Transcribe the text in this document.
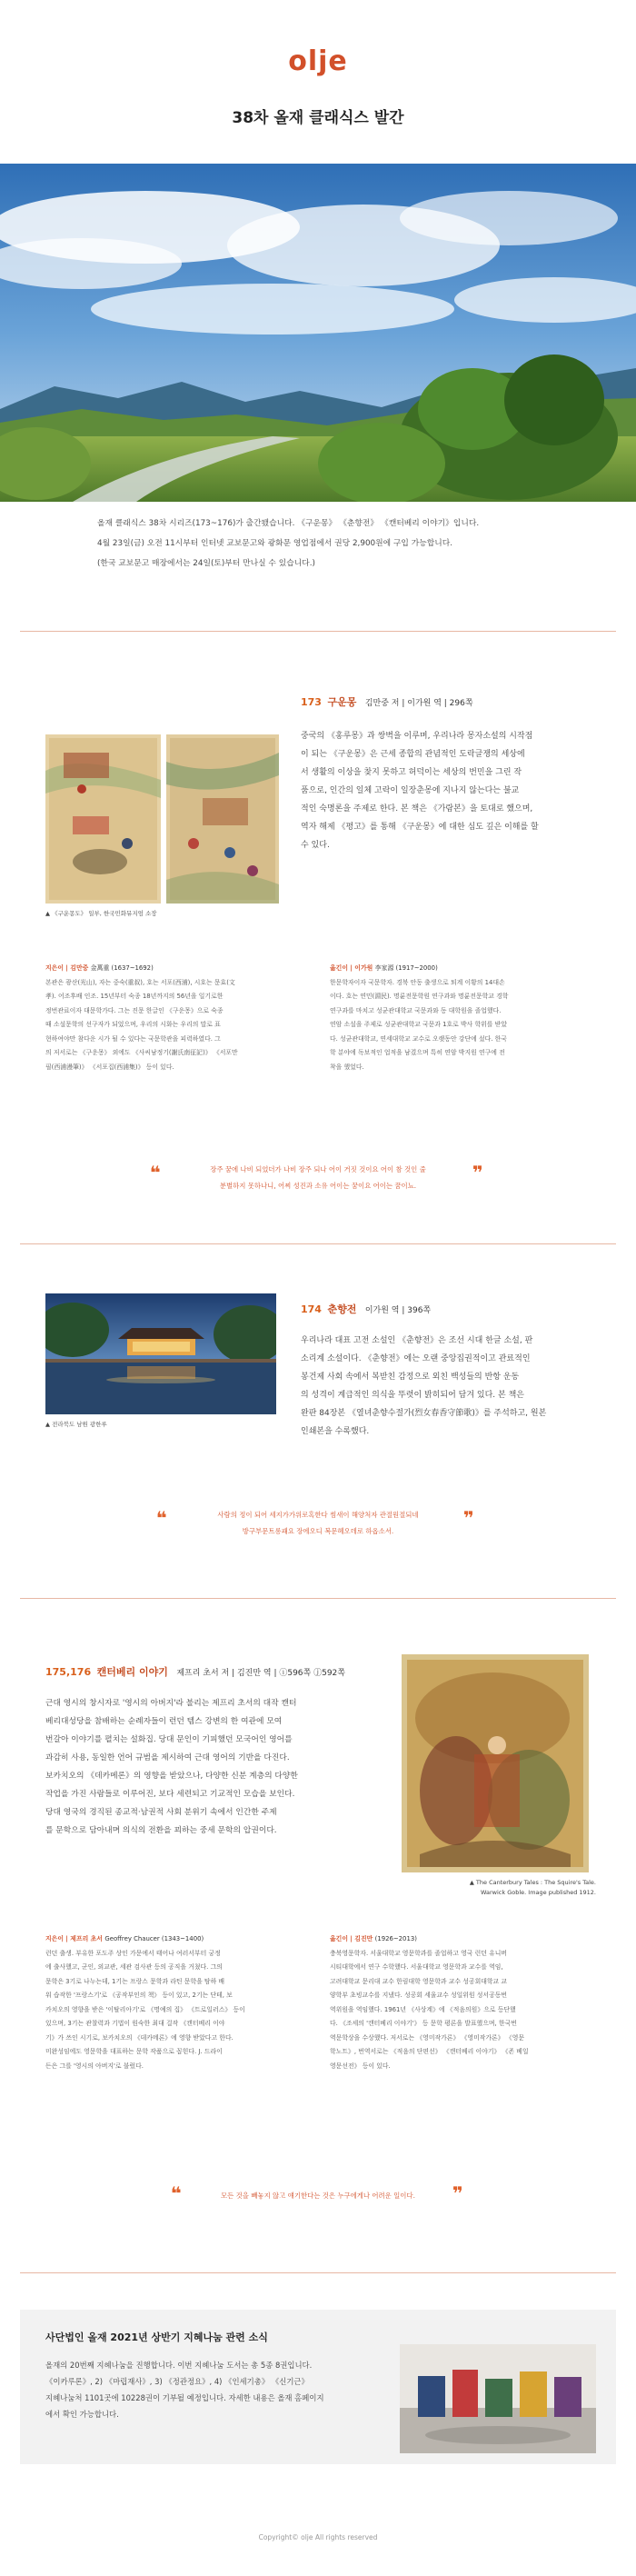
olje
38차 올재 클래식스 발간

올재 클래식스 38차 시리즈(173~176)가 출간됐습니다. 《구운몽》 《춘향전》 《캔터베리 이야기》입니다.

4월 23일(금) 오전 11시부터 인터넷 교보문고와 광화문 영업점에서 권당 2,900원에 구입 가능합니다.

(한국 교보문고 매장에서는 24일(토)부터 만나실 수 있습니다.)

▲ 《구운몽도》 일부, 한국민화뮤지엄 소장
173 구운몽 김만중 저 | 이가원 역 | 296쪽
중국의 《홍루몽》과 쌍벽을 이루며, 우리나라 몽자소설의 시작점
이 되는 《구운몽》은 근세 종합의 관념적인 도락글쟁의 세상에
서 생활의 이상을 찾지 못하고 허덕이는 세상의 번민을 그린 작
품으로, 인간의 일체 고락이 일장춘몽에 지나지 않는다는 불교
적인 숙명론을 주제로 한다. 본 책은 《가람본》을 토대로 했으며,
역자 해제 《평고》를 통해 《구운몽》에 대한 심도 깊은 이해를 할
수 있다.
지은이 | 김만중 金萬重 (1637~1692)
본관은 광산(光山), 자는 중숙(重叔), 호는 서포(西浦), 시호는 문효(文
孝). 어조후배 인조. 15년부터 숙종 18년까지의 56년을 일기로한
정번관료이자 대문학가다. 그는 진문 한글인 《구운몽》으로 숙종
때 소설문학의 선구자가 되었으며, 우리의 시화는 우리의 말로 표
현하여야만 참다운 시가 될 수 있다는 국문학관을 피력하였다. 그
의 저서로는 《구운몽》 외에도 《사씨남정기(謝氏南征記)》 《서포만
필(西浦漫筆)》 《서포집(西浦集)》 등이 있다.
옮긴이 | 이가원 李家源 (1917~2000)
한문학자이자 국문학자. 경북 안동 출생으로 퇴계 이황의 14대손
이다. 호는 연민(淵民). 명륜전문학원 연구과와 명륜전문학교 경학
연구과를 마치고 성균관대학교 국문과와 동 대학원을 졸업했다.
연암 소설을 주제로 성균관대학교 국문과 1호로 박사 학위를 받았
다. 성균관대학교, 연세대학교 교수로 오랫동안 강단에 섰다. 한국
학 분야에 독보적인 업적을 남겼으며 특히 연암 박지원 연구에 전
착을 했었다.
❝	장주 꿈에 나비 되었더가 나비 장주 되나 어이 거짓 것이요 어이 참 것인 줄
분별하지 못하나니, 어찌 성진과 소유 어이는 꿈이요 어이는 꿈이뇨.
❞
▲ 전라북도 남원 광한루
174 춘향전 이가원 역 | 396쪽
우리나라 대표 고전 소설인 《춘향전》은 조선 시대 한글 소설, 판
소리계 소설이다. 《춘향전》에는 오랜 중앙집권적이고 관료적인
봉건제 사회 속에서 복받친 감정으로 외친 백성들의 반항 운동
의 성격이 계급적인 의식을 뚜렷이 밝히되어 담겨 있다. 본 책은
완판 84장본 《열녀춘향수절가(烈女春香守節歌)》를 주석하고, 원본
인쇄본을 수록했다.
❝	사람의 정이 되어 세지가가위로혹한다 썸새이 해양처자 관절원절되네
방구부문트롱괘요 장에오디 복문혜오데로 하옵소서.
❞
175,176 캔터베리 이야기 제프리 초서 저 | 김진만 역 | ⓘ596쪽 ⓙ592쪽
근대 영시의 창시자로 '영시의 아버지'라 불리는 제프리 초서의 대작 캔터
베리대성당을 참배하는 순례자들이 런던 템스 강변의 한 여관에 모여
번갈아 이야기를 펼치는 설화집. 당대 문인이 기피했던 모국어인 영어를
과감히 사용, 동일한 언어 규범을 제시하여 근대 영어의 기반을 다진다.
보카치오의 《데카메론》의 영향을 받았으나, 다양한 신분 계층의 다양한
작업을 가진 사람들로 이루어진, 보다 세련되고 기교적인 모습을 보인다.
당대 영국의 경직된 종교적·남권적 사회 분위기 속에서 인간한 주제
를 문학으로 담아내며 의식의 전환을 꾀하는 중세 문학의 압권이다.
▲ The Canterbury Tales : The Squire's Tale.
Warwick Goble. Image published 1912.
지은이 | 제프리 초서 Geoffrey Chaucer (1343~1400)
런던 출생. 부유한 포도주 상인 가문에서 태어나 여러서부터 궁정
에 출사했고, 군인, 외교관, 세관 검사관 등의 공직을 거쳤다. 그의
문학은 3기로 나누는데, 1기는 프랑스 문학과 라틴 문학을 탐하 배
워 습작한 '프랑스기'로 《공작부인의 책》 등이 있고, 2기는 단테, 보
카치오의 영향을 받은 '이탈리아기'로 《명예의 집》 《트로일러스》 등이
있으며, 3기는 관찰력과 기법이 원숙한 최대 걸작 《캔터베리 이야
기》가 쓰인 시기로, 보카치오의 《데카메론》에 영향 받았다고 한다.
미완성임에도 영문학을 대표하는 문학 작품으로 꼽힌다. J. 드라이
든은 그를 '영시의 아버지'로 불렀다.
옮긴이 | 김진만 (1926~2013)
충북영문학자. 서울대학교 영문학과를 졸업하고 영국 런던 유니버
시티대학에서 연구 수학했다. 서울대학교 영문학과 교수를 역임,
고려대학교 문리대 교수 한림대학 영문학과 교수 성공회대학교 교
양학부 초빙교수를 지냈다. 성공회 세울교수 성일위원 성서공동번
역위원을 역임했다. 1961년 《사상계》에 《적음의원》으로 등단했
다. 《조세의 '캔터베리 이야기'》 등 문학 평론을 발표했으며, 한국번
역문학상을 수상했다. 저서로는 《영미작가론》 《영미작가론》 《영문
학노트》, 번역서로는 《적음의 단편선》 《캔터베리 이야기》 《존 베일
영문선전》 등이 있다.
❝	모든 것을 빼놓지 않고 얘기한다는 것은 누구에게나 어려운 일이다.	❞
사단법인 올재 2021년 상반기 지혜나눔 관련 소식
올재의 20번째 지혜나눔을 진행합니다. 이번 지혜나눔 도서는 총 5종 8권입니다.
《이카루론》, 2) 《마립재사》, 3) 《정관정요》, 4) 《인세기총》 《신기근》
지혜나눔처 1101곳에 10228권이 기부될 예정입니다. 자세한 내용은 올재 홈페이지
에서 확인 가능합니다.
Copyright© olje All rights reserved
